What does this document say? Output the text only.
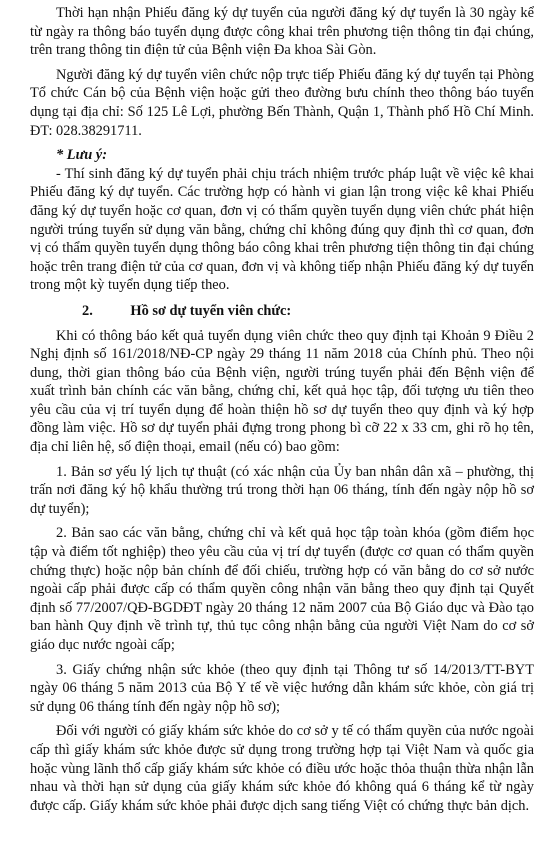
Thời hạn nhận Phiếu đăng ký dự tuyển của người đăng ký dự tuyển là 30 ngày kể từ ngày ra thông báo tuyển dụng được công khai trên phương tiện thông tin đại chúng, trên trang thông tin điện tử của Bệnh viện Đa khoa Sài Gòn.

Người đăng ký dự tuyển viên chức nộp trực tiếp Phiếu đăng ký dự tuyển tại Phòng Tổ chức Cán bộ của Bệnh viện hoặc gửi theo đường bưu chính theo thông báo tuyển dụng tại địa chỉ: Số 125 Lê Lợi, phường Bến Thành, Quận 1, Thành phố Hồ Chí Minh. ĐT: 028.38291711.

* Lưu ý:

- Thí sinh đăng ký dự tuyển phải chịu trách nhiệm trước pháp luật về việc kê khai Phiếu đăng ký dự tuyển. Các trường hợp có hành vi gian lận trong việc kê khai Phiếu đăng ký dự tuyển hoặc cơ quan, đơn vị có thẩm quyền tuyển dụng viên chức phát hiện người trúng tuyển sử dụng văn bằng, chứng chỉ không đúng quy định thì cơ quan, đơn vị có thẩm quyền tuyển dụng thông báo công khai trên phương tiện thông tin đại chúng hoặc trên trang điện tử của cơ quan, đơn vị và không tiếp nhận Phiếu đăng ký dự tuyển trong một kỳ tuyển dụng tiếp theo.

2.	Hồ sơ dự tuyển viên chức:

Khi có thông báo kết quả tuyển dụng viên chức theo quy định tại Khoản 9 Điều 2 Nghị định số 161/2018/NĐ-CP ngày 29 tháng 11 năm 2018 của Chính phủ. Theo nội dung, thời gian thông báo của Bệnh viện, người trúng tuyển phải đến Bệnh viện để xuất trình bản chính các văn bằng, chứng chỉ, kết quả học tập, đối tượng ưu tiên theo yêu cầu của vị trí tuyển dụng để hoàn thiện hồ sơ dự tuyển theo quy định và ký hợp đồng làm việc. Hồ sơ dự tuyển phải đựng trong phong bì cỡ 22 x 33 cm, ghi rõ họ tên, địa chỉ liên hệ, số điện thoại, email (nếu có) bao gồm:

1. Bản sơ yếu lý lịch tự thuật (có xác nhận của Ủy ban nhân dân xã – phường, thị trấn nơi đăng ký hộ khẩu thường trú trong thời hạn 06 tháng, tính đến ngày nộp hồ sơ dự tuyển);

2. Bản sao các văn bằng, chứng chỉ và kết quả học tập toàn khóa (gồm điểm học tập và điểm tốt nghiệp) theo yêu cầu của vị trí dự tuyển (được cơ quan có thẩm quyền chứng thực) hoặc nộp bản chính để đối chiếu, trường hợp có văn bằng do cơ sở nước ngoài cấp phải được cấp có thẩm quyền công nhận văn bằng theo quy định tại Quyết định số 77/2007/QĐ-BGDĐT ngày 20 tháng 12 năm 2007 của Bộ Giáo dục và Đào tạo ban hành Quy định về trình tự, thủ tục công nhận bằng của người Việt Nam do cơ sở giáo dục nước ngoài cấp;

3. Giấy chứng nhận sức khỏe (theo quy định tại Thông tư số 14/2013/TT-BYT ngày 06 tháng 5 năm 2013 của Bộ Y tế về việc hướng dẫn khám sức khỏe, còn giá trị sử dụng 06 tháng tính đến ngày nộp hồ sơ);

Đối với người có giấy khám sức khỏe do cơ sở y tế có thẩm quyền của nước ngoài cấp thì giấy khám sức khỏe được sử dụng trong trường hợp tại Việt Nam và quốc gia hoặc vùng lãnh thổ cấp giấy khám sức khỏe có điều ước hoặc thỏa thuận thừa nhận lẫn nhau và thời hạn sử dụng của giấy khám sức khỏe đó không quá 6 tháng kể từ ngày được cấp. Giấy khám sức khỏe phải được dịch sang tiếng Việt có chứng thực bản dịch.
